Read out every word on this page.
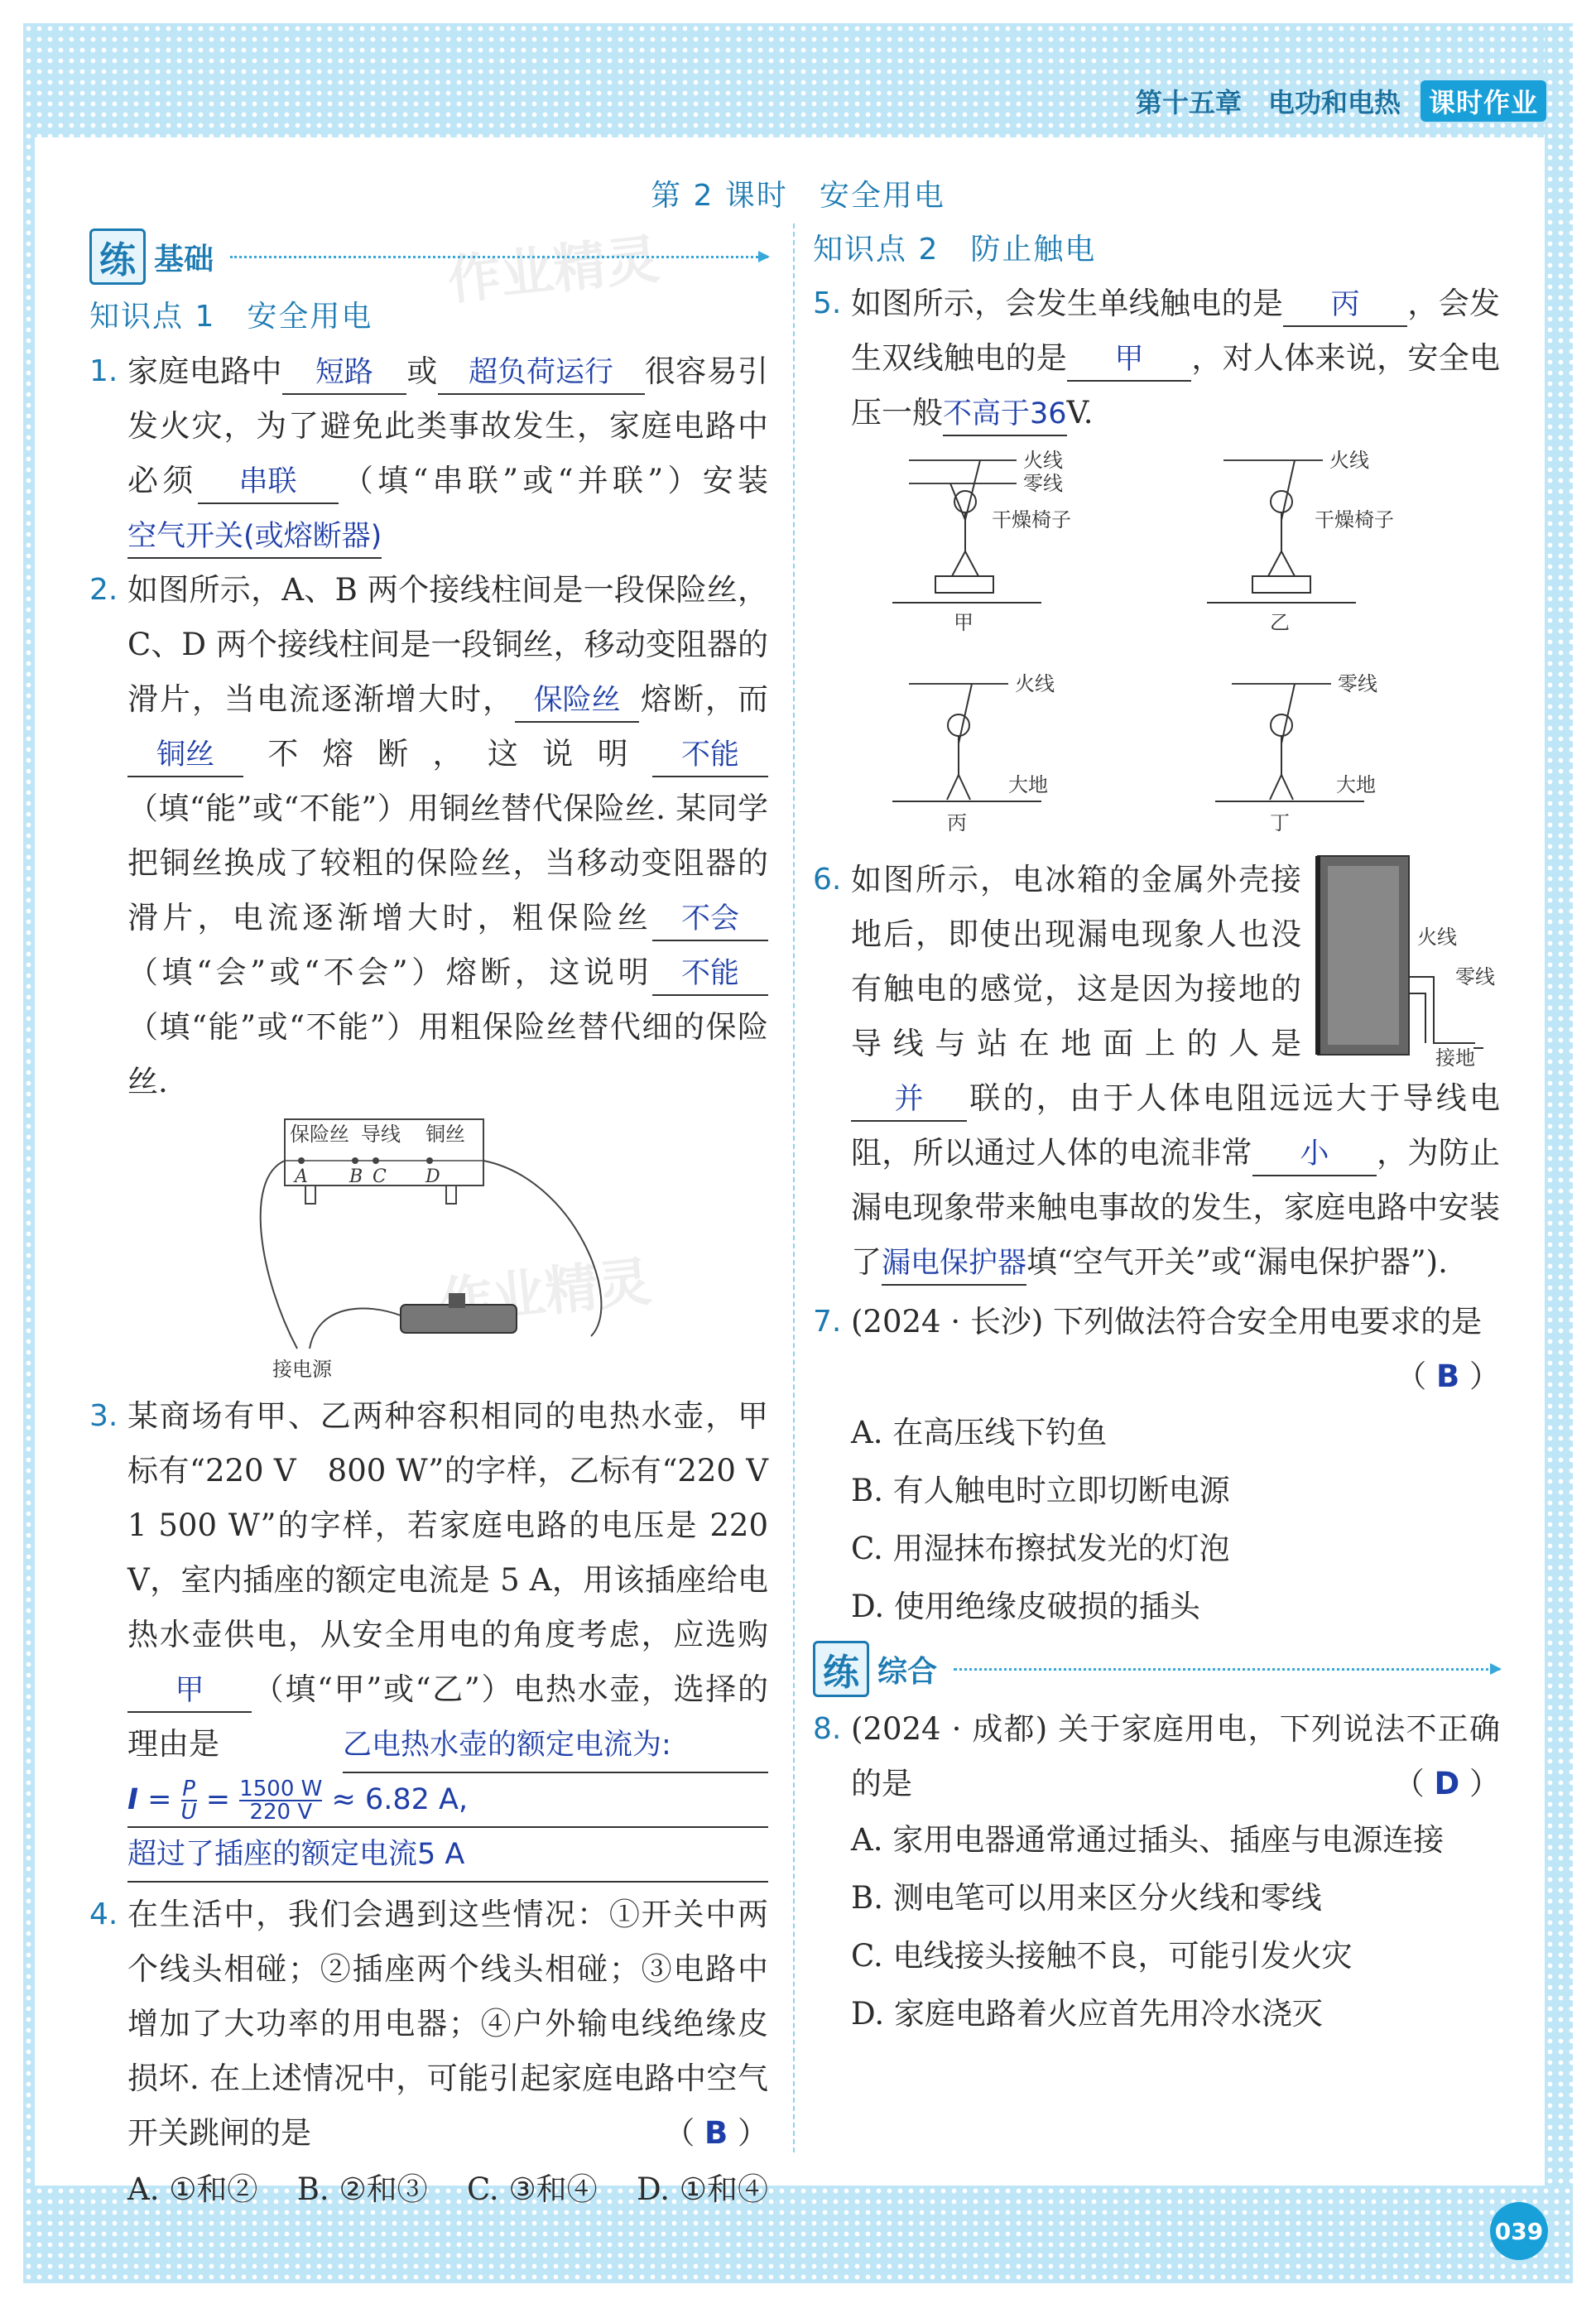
第十五章　电功和电热	课时作业
第 2 课时　安全用电
练 基础
知识点 1　安全用电
1. 家庭电路中 短路 或 超负荷运行 很容易引发火灾，为了避免此类事故发生，家庭电路中必须 串联 （填“串联”或“并联”）安装空气开关(或熔断器)
2. 如图所示，A、B 两个接线柱间是一段保险丝，C、D 两个接线柱间是一段铜丝，移动变阻器的滑片，当电流逐渐增大时， 保险丝 熔断，而铜丝 不熔断，这说明 不能（填“能”或“不能”）用铜丝替代保险丝. 某同学把铜丝换成了较粗的保险丝，当移动变阻器的滑片，电流逐渐增大时，粗保险丝 不会（填“会”或“不会”）熔断，这说明 不能（填“能”或“不能”）用粗保险丝替代细的保险丝.
保险丝 导线 铜丝
A B C D
接电源
3. 某商场有甲、乙两种容积相同的电热水壶，甲标有“220 V　800 W”的字样，乙标有“220 V　1 500 W”的字样，若家庭电路的电压是 220 V，室内插座的额定电流是 5 A，用该插座给电热水壶供电，从安全用电的角度考虑，应选购甲 （填“甲”或“乙”）电热水壶，选择的理由是	乙电热水壶的额定电流为:
$I = \frac{P}{U} = \frac{1500 W}{220 V} \approx 6.82$ A,
超过了插座的额定电流5 A
4. 在生活中，我们会遇到这些情况：①开关中两个线头相碰；②插座两个线头相碰；③电路中增加了大功率的用电器；④户外输电线绝缘皮损坏. 在上述情况中，可能引起家庭电路中空气开关跳闸的是	（ B ）
A. ①和② B. ②和③ C. ③和④ D. ①和④
知识点 2　防止触电
5. 如图所示，会发生单线触电的是 丙 ，会发生双线触电的是 甲 ，对人体来说，安全电压一般不高于36V.
火线
零线
干燥椅子
甲
火线
干燥椅子
乙
火线
大地
丙
零线
大地
丁
6.
火线
零线
接地
如图所示，电冰箱的金属外壳接地后，即使出现漏电现象人也没有触电的感觉，这是因为接地的导线与站在地面上的人是并 联的，由于人体电阻远远大于导线电阻，所以通过人体的电流非常 小 ，为防止漏电现象带来触电事故的发生，家庭电路中安装了漏电保护器填“空气开关”或“漏电保护器”).
7. (2024 · 长沙) 下列做法符合安全用电要求的是
（ B ）
A. 在高压线下钓鱼
B. 有人触电时立即切断电源
C. 用湿抹布擦拭发光的灯泡
D. 使用绝缘皮破损的插头
练 综合
8. (2024 · 成都) 关于家庭用电，下列说法不正确的是	（ D ）
A. 家用电器通常通过插头、插座与电源连接
B. 测电笔可以用来区分火线和零线
C. 电线接头接触不良，可能引发火灾
D. 家庭电路着火应首先用冷水浇灭
039
